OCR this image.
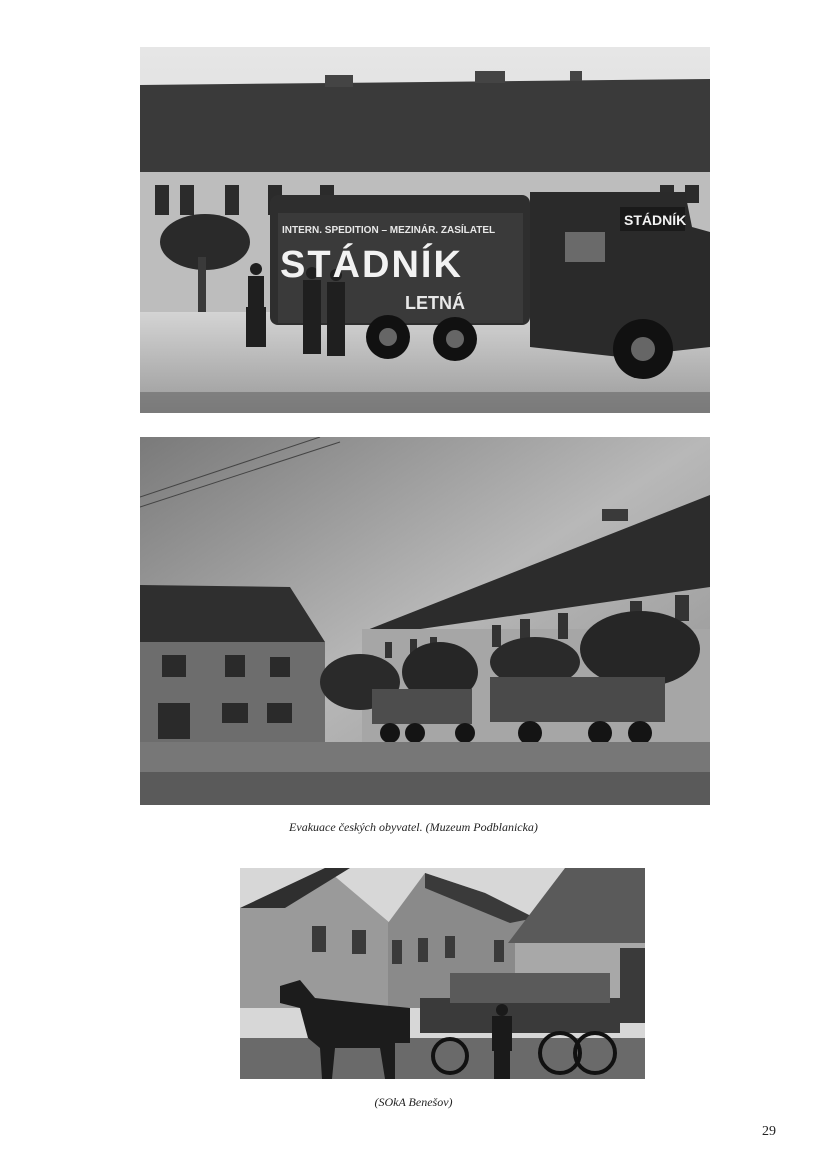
INTERN. SPEDITION – MEZINÁR. ZASÍLATEL
STÁDNÍK
LETNÁ
STÁDNÍK
Evakuace českých obyvatel. (Muzeum Podblanicka)
(SOkA Benešov)
29
